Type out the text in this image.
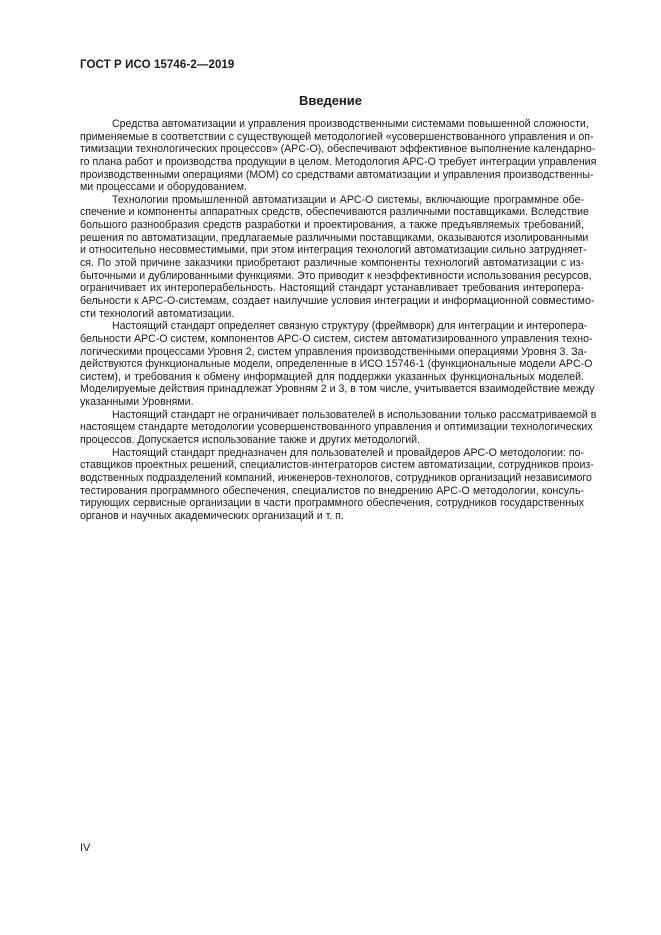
ГОСТ Р ИСО 15746-2—2019
Введение
Средства автоматизации и управления производственными системами повышенной сложности,
применяемые в соответствии с существующей методологией «усовершенствованного управления и оп-
тимизации технологических процессов» (APC-O), обеспечивают эффективное выполнение календарно-
го плана работ и производства продукции в целом. Методология APC-O требует интеграции управления
производственными операциями (МОМ) со средствами автоматизации и управления производственны-
ми процессами и оборудованием.
Технологии промышленной автоматизации и APC-O системы, включающие программное обе-
спечение и компоненты аппаратных средств, обеспечиваются различными поставщиками. Вследствие
большого разнообразия средств разработки и проектирования, а также предъявляемых требований,
решения по автоматизации, предлагаемые различными поставщиками, оказываются изолированными
и относительно несовместимыми, при этом интеграция технологий автоматизации сильно затрудняет-
ся. По этой причине заказчики приобретают различные компоненты технологий автоматизации с из-
быточными и дублированными функциями. Это приводит к неэффективности использования ресурсов,
ограничивает их интероперабельность. Настоящий стандарт устанавливает требования интеропера-
бельности к APC-O-системам, создает наилучшие условия интеграции и информационной совместимо-
сти технологий автоматизации.
Настоящий стандарт определяет связную структуру (фреймворк) для интеграции и интеропера-
бельности APC-O систем, компонентов APC-O систем, систем автоматизированного управления техно-
логическими процессами Уровня 2, систем управления производственными операциями Уровня 3. За-
действуются функциональные модели, определенные в ИСО 15746-1 (функциональные модели APC-O
систем), и требования к обмену информацией для поддержки указанных функциональных моделей.
Моделируемые действия принадлежат Уровням 2 и 3, в том числе, учитывается взаимодействие между
указанными Уровнями.
Настоящий стандарт не ограничивает пользователей в использовании только рассматриваемой в
настоящем стандарте методологии усовершенствованного управления и оптимизации технологических
процессов. Допускается использование также и других методологий.
Настоящий стандарт предназначен для пользователей и провайдеров APC-O методологии: по-
ставщиков проектных решений, специалистов-интеграторов систем автоматизации, сотрудников произ-
водственных подразделений компаний, инженеров-технологов, сотрудников организаций независимого
тестирования программного обеспечения, специалистов по внедрению APC-O методологии, консуль-
тирующих сервисные организации в части программного обеспечения, сотрудников государственных
органов и научных академических организаций и т. п.
IV
